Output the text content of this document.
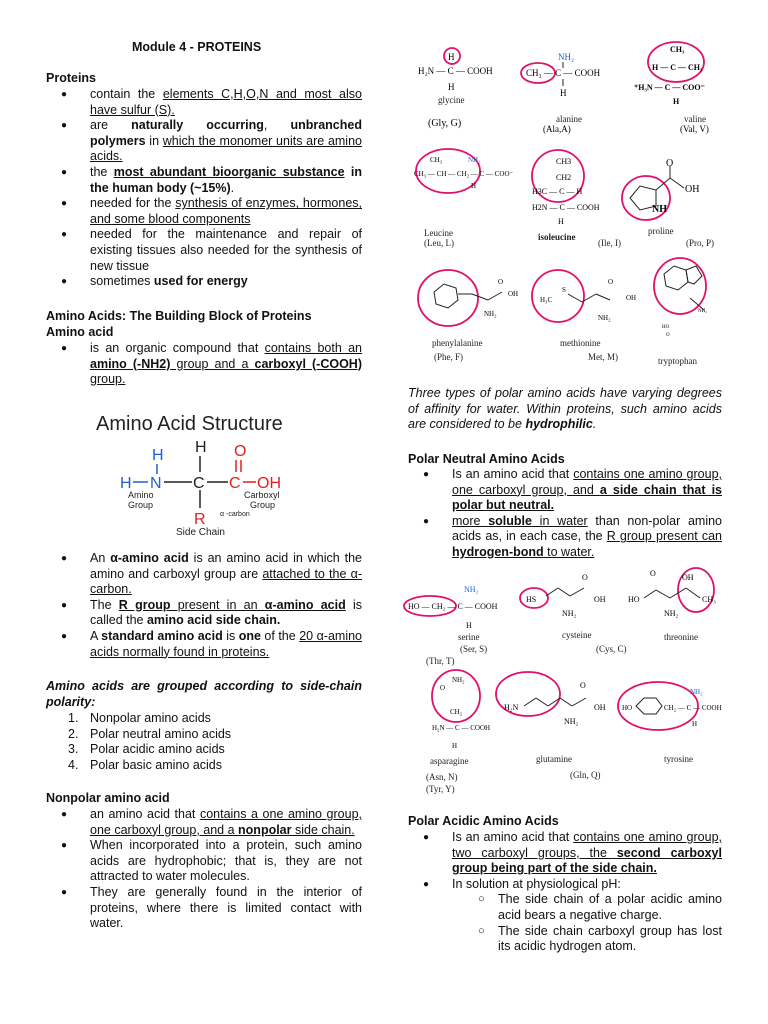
Module 4 - PROTEINS
Proteins
● contain the elements C,H,O,N and most also have sulfur (S).
● are naturally occurring, unbranched polymers in which the monomer units are amino acids.
● the most abundant bioorganic substance in the human body (~15%).
● needed for the synthesis of enzymes, hormones, and some blood components
● needed for the maintenance and repair of existing tissues also needed for the synthesis of new tissue
● sometimes used for energy
Amino Acids: The Building Block of Proteins
Amino acid
● is an organic compound that contains both an amino (-NH2) group and a carboxyl (-COOH) group.
Amino Acid Structure
H
H
H N C C
O
OH
R
Amino
Group
Carboxyl
Group
α -carbon
Side Chain
● An α-amino acid is an amino acid in which the amino and carboxyl group are attached to the α-carbon.
● The R group present in an α-amino acid is called the amino acid side chain.
● A standard amino acid is one of the 20 α-amino acids normally found in proteins.
Amino acids are grouped according to side-chain polarity:
1. Nonpolar amino acids
2. Polar neutral amino acids
3. Polar acidic amino acids
4. Polar basic amino acids
Nonpolar amino acid
● an amino acid that contains a one amino group, one carboxyl group, and a nonpolar side chain.
● When incorporated into a protein, such amino acids are hydrophobic; that is, they are not attracted to water molecules.
● They are generally found in the interior of proteins, where there is limited contact with water.
H
H₂N — C — COOH
H
glycine
(Gly, G)
NH₂
CH₃ — C — COOH
H
alanine
(Ala,A)
CH₃
H — C — CH₃
⁺H₃N — C — COO⁻
H
valine
(Val, V)
CH₃
CH₃ — CH — CH₂ — C — COO⁻
NH₂
H
Leucine
(Leu, L)
CH3
CH2
H3C — C — H
H2N — C — COOH
H
isoleucine
(Ile, I)
O
OH
NH
proline
(Pro, P)
O
OH
NH₂
phenylalanine
(Phe, F)
H₃C
S
O
OH
NH₂
methionine
Met, M)
NH₂
HO
O
tryptophan
Three types of polar amino acids have varying degrees of affinity for water. Within proteins, such amino acids are considered to be hydrophilic.
Polar Neutral Amino Acids
● Is an amino acid that contains one amino group, one carboxyl group, and a side chain that is polar but neutral.
● more soluble in water than non-polar amino acids as, in each case, the R group present can hydrogen-bond to water.
NH₂
HO — CH₂ — C — COOH
H
serine
(Ser, S)
(Thr, T)
HS
O
OH
NH₂
cysteine
(Cys, C)
O	OH
HO	CH₃
NH₂
threonine
NH₂
O
CH₂
H₂N — C — COOH
H
asparagine
(Asn, N)
(Tyr, Y)
H₂N
O
OH
NH₂
glutamine
(Gln, Q)
HO	CH₂ — C — COOH
NH₂
H
tyrosine
Polar Acidic Amino Acids
● Is an amino acid that contains one amino group, two carboxyl groups, the second carboxyl group being part of the side chain.
● In solution at physiological pH:
○ The side chain of a polar acidic amino acid bears a negative charge.
○ The side chain carboxyl group has lost its acidic hydrogen atom.
